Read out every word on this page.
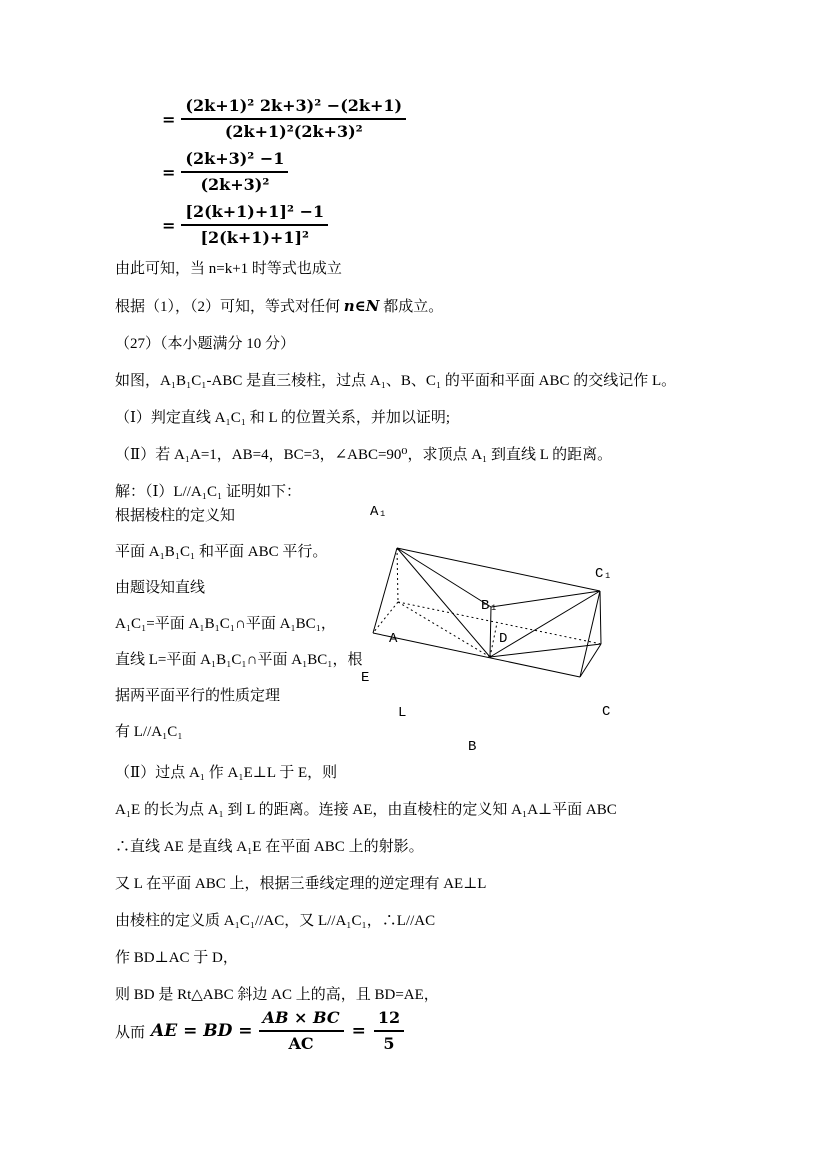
= $\frac{\text{(2k+1)² 2k+3)² −(2k+1)}}{\text{(2k+1)²(2k+3)²}}$
= $\frac{\text{(2k+3)² −1}}{\text{(2k+3)²}}$
= $\frac{\text{[2(k+1)+1]² −1}}{\text{[2(k+1)+1]²}}$

由此可知，当 n=k+1 时等式也成立

根据（1），（2）可知，等式对任何 n∈N 都成立。

（27）（本小题满分 10 分）

如图，A₁B₁C₁-ABC 是直三棱柱，过点 A₁、B、C₁ 的平面和平面 ABC 的交线记作 L。

（Ⅰ）判定直线 A₁C₁ 和 L 的位置关系，并加以证明;

（Ⅱ）若 A₁A=1，AB=4，BC=3，∠ABC=90⁰，求顶点 A₁ 到直线 L 的距离。

解：（Ⅰ）L//A₁C₁ 证明如下：

根据棱柱的定义知

平面 A₁B₁C₁ 和平面 ABC 平行。

由题设知直线

A₁C₁=平面 A₁B₁C₁∩平面 A₁BC₁，

直线 L=平面 A₁B₁C₁∩平面 A₁BC₁，根

据两平面平行的性质定理

有 L//A₁C₁

A₁
C₁
B₁
A	D
E
L	C
B

（Ⅱ）过点 A₁ 作 A₁E⊥L 于 E，则

A₁E 的长为点 A₁ 到 L 的距离。连接 AE，由直棱柱的定义知 A₁A⊥平面 ABC

∴直线 AE 是直线 A₁E 在平面 ABC 上的射影。

又 L 在平面 ABC 上，根据三垂线定理的逆定理有 AE⊥L

由棱柱的定义质 A₁C₁//AC，又 L//A₁C₁，∴L//AC

作 BD⊥AC 于 D，

则 BD 是 Rt△ABC 斜边 AC 上的高，且 BD=AE，

从而 AE = BD = $\frac{AB \times BC}{AC} = \frac{12}{5}$
